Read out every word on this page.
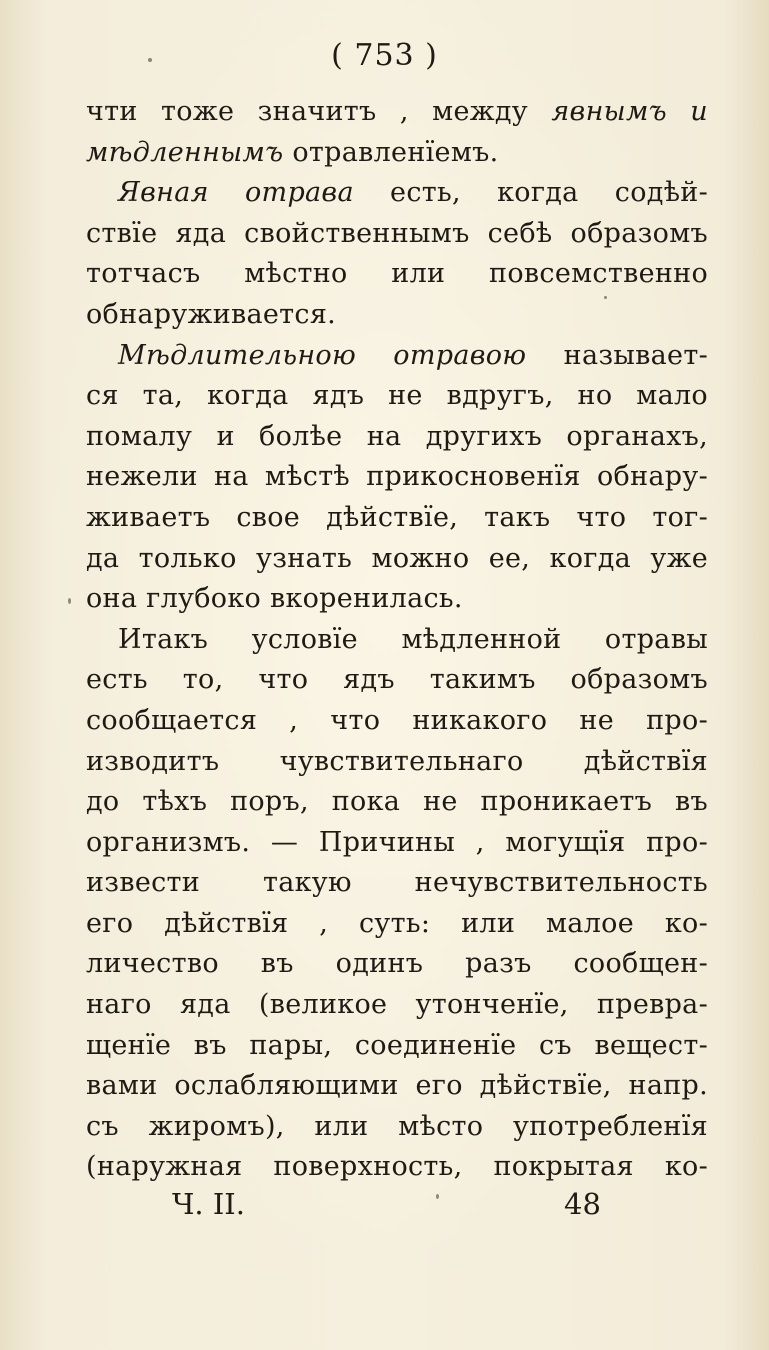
( 753 )
чти тоже значитъ , между явнымъ и
мѣдленнымъ отравленïемъ.
Явная отрава есть, когда содѣй-
ствïе яда свойственнымъ себѣ образомъ
тотчасъ мѣстно или повсемственно
обнаруживается.
Мѣдлительною отравою называет-
ся та, когда ядъ не вдругъ, но мало
помалу и болѣе на другихъ органахъ,
нежели на мѣстѣ прикосновенïя обнару-
живаетъ свое дѣйствïе, такъ что тог-
да только узнать можно ее, когда уже
она глубоко вкоренилась.
Итакъ условïе мѣдленной отравы
есть то, что ядъ такимъ образомъ
сообщается , что никакого не про-
изводитъ чувствительнаго дѣйствïя
до тѣхъ поръ, пока не проникаетъ въ
организмъ. — Причины , могущïя про-
извести такую нечувствительность
его дѣйствïя , суть: или малое ко-
личество въ одинъ разъ сообщен-
наго яда (великое утонченïе, превра-
щенïе въ пары, соединенïе съ вещест-
вами ослабляющими его дѣйствïе, напр.
съ жиромъ), или мѣсто употребленïя
(наружная поверхность, покрытая ко-
Ч. II.	48
